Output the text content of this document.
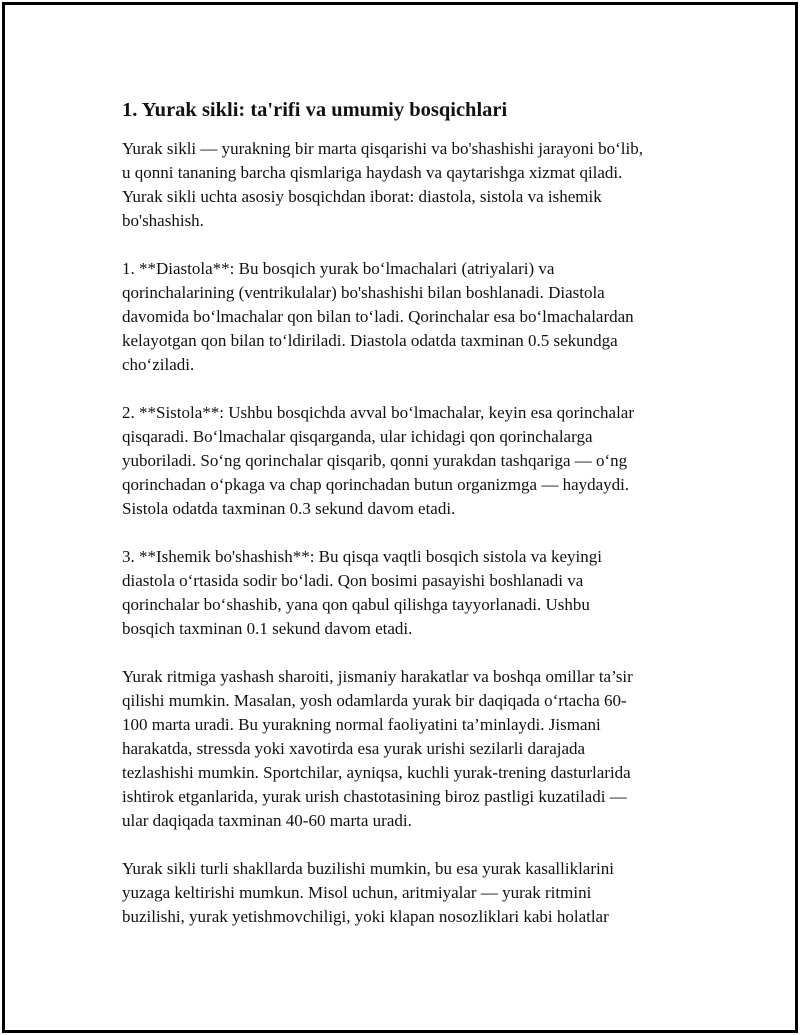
1. Yurak sikli: ta'rifi va umumiy bosqichlari

Yurak sikli — yurakning bir marta qisqarishi va bo'shashishi jarayoni bo‘lib,
u qonni tananing barcha qismlariga haydash va qaytarishga xizmat qiladi.
Yurak sikli uchta asosiy bosqichdan iborat: diastola, sistola va ishemik
bo'shashish.

1. **Diastola**: Bu bosqich yurak bo‘lmachalari (atriyalari) va
qorinchalarining (ventrikulalar) bo'shashishi bilan boshlanadi. Diastola
davomida bo‘lmachalar qon bilan to‘ladi. Qorinchalar esa bo‘lmachalardan
kelayotgan qon bilan to‘ldiriladi. Diastola odatda taxminan 0.5 sekundga
cho‘ziladi.

2. **Sistola**: Ushbu bosqichda avval bo‘lmachalar, keyin esa qorinchalar
qisqaradi. Bo‘lmachalar qisqarganda, ular ichidagi qon qorinchalarga
yuboriladi. So‘ng qorinchalar qisqarib, qonni yurakdan tashqariga — o‘ng
qorinchadan o‘pkaga va chap qorinchadan butun organizmga — haydaydi.
Sistola odatda taxminan 0.3 sekund davom etadi.

3. **Ishemik bo'shashish**: Bu qisqa vaqtli bosqich sistola va keyingi
diastola o‘rtasida sodir bo‘ladi. Qon bosimi pasayishi boshlanadi va
qorinchalar bo‘shashib, yana qon qabul qilishga tayyorlanadi. Ushbu
bosqich taxminan 0.1 sekund davom etadi.

Yurak ritmiga yashash sharoiti, jismaniy harakatlar va boshqa omillar ta’sir
qilishi mumkin. Masalan, yosh odamlarda yurak bir daqiqada o‘rtacha 60-
100 marta uradi. Bu yurakning normal faoliyatini ta’minlaydi. Jismani
harakatda, stressda yoki xavotirda esa yurak urishi sezilarli darajada
tezlashishi mumkin. Sportchilar, ayniqsa, kuchli yurak-trening dasturlarida
ishtirok etganlarida, yurak urish chastotasining biroz pastligi kuzatiladi —
ular daqiqada taxminan 40-60 marta uradi.

Yurak sikli turli shakllarda buzilishi mumkin, bu esa yurak kasalliklarini
yuzaga keltirishi mumkun. Misol uchun, aritmiyalar — yurak ritmini
buzilishi, yurak yetishmovchiligi, yoki klapan nosozliklari kabi holatlar
